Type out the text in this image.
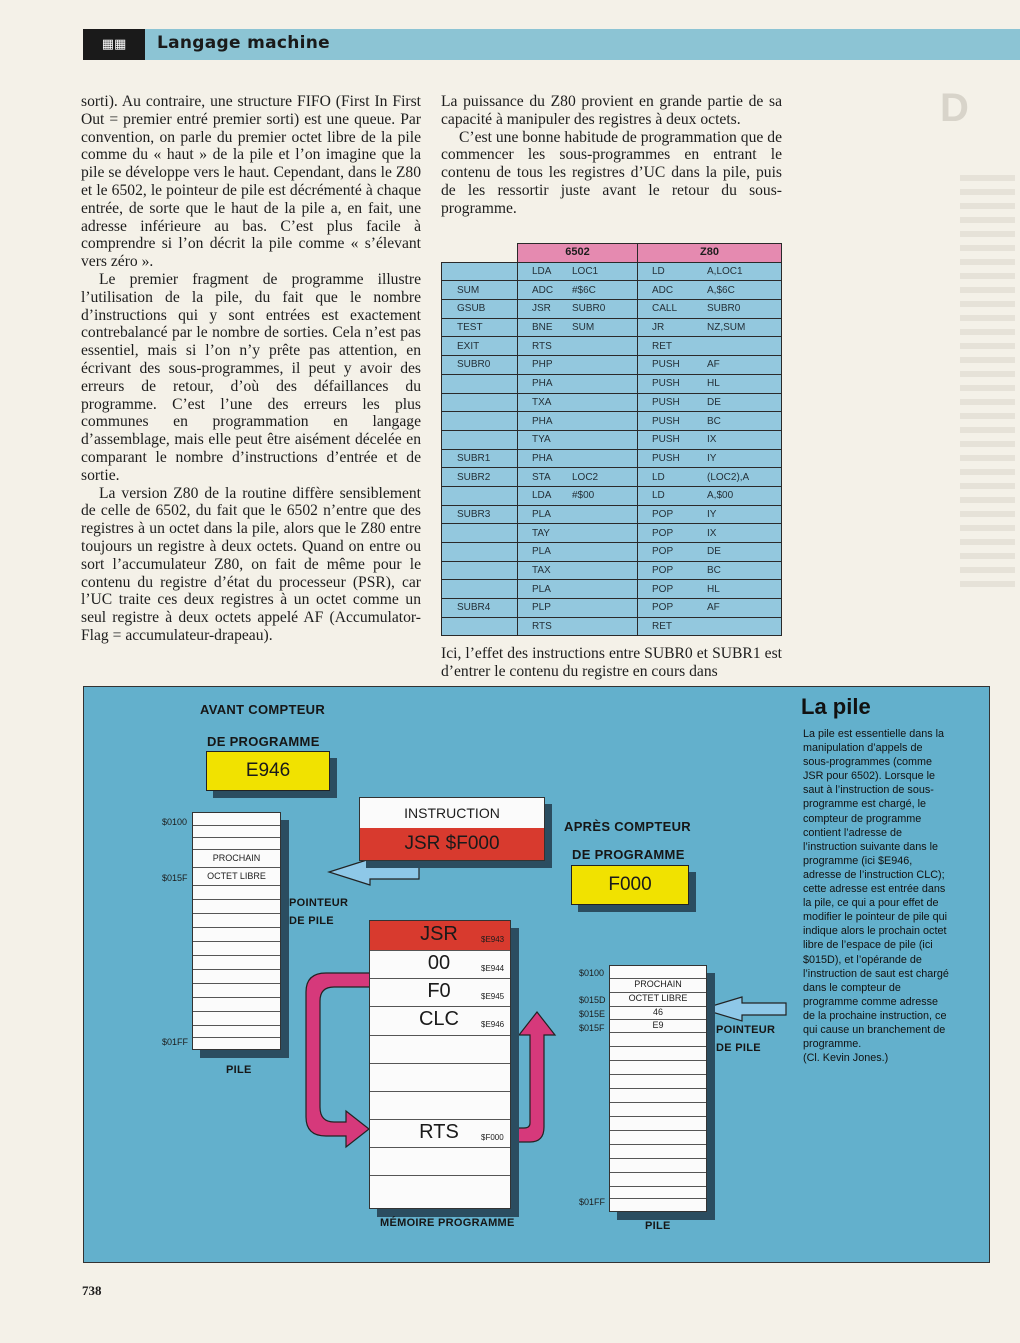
▦▦	Langage machine
D

sorti). Au contraire, une structure FIFO (First In First Out = premier entré premier sorti) est une queue. Par convention, on parle du premier octet libre de la pile comme du « haut » de la pile et l’on imagine que la pile se développe vers le haut. Cependant, dans le Z80 et le 6502, le pointeur de pile est décrémenté à chaque entrée, de sorte que le haut de la pile a, en fait, une adresse inférieure au bas. C’est plus facile à comprendre si l’on décrit la pile comme « s’élevant vers zéro ».

Le premier fragment de programme illustre l’utilisation de la pile, du fait que le nombre d’instructions qui y sont entrées est exactement contrebalancé par le nombre de sorties. Cela n’est pas essentiel, mais si l’on n’y prête pas attention, en écrivant des sous-programmes, il peut y avoir des erreurs de retour, d’où des défaillances du programme. C’est l’une des erreurs les plus communes en programmation en langage d’assemblage, mais elle peut être aisément décelée en comparant le nombre d’instructions d’entrée et de sortie.

La version Z80 de la routine diffère sensiblement de celle de 6502, du fait que le 6502 n’entre que des registres à un octet dans la pile, alors que le Z80 entre toujours un registre à deux octets. Quand on entre ou sort l’accumulateur Z80, on fait de même pour le contenu du registre d’état du processeur (PSR), car l’UC traite ces deux registres à un octet comme un seul registre à deux octets appelé AF (Accumulator-Flag = accumulateur-drapeau).

La puissance du Z80 provient en grande partie de sa capacité à manipuler des registres à deux octets.

C’est une bonne habitude de programmation que de commencer les sous-programmes en entrant le contenu de tous les registres d’UC dans la pile, puis de les ressortir juste avant le retour du sous-programme.

	6502		Z80	
	LDA	LOC1	LD	A,LOC1
SUM	ADC	#$6C	ADC	A,$6C
GSUB	JSR	SUBR0	CALL	SUBR0
TEST	BNE	SUM	JR	NZ,SUM
EXIT	RTS		RET	
SUBR0	PHP		PUSH	AF
	PHA		PUSH	HL
	TXA		PUSH	DE
	PHA		PUSH	BC
	TYA		PUSH	IX
SUBR1	PHA		PUSH	IY
SUBR2	STA	LOC2	LD	(LOC2),A
	LDA	#$00	LD	A,$00
SUBR3	PLA		POP	IY
	TAY		POP	IX
	PLA		POP	DE
	TAX		POP	BC
	PLA		POP	HL
SUBR4	PLP		POP	AF
	RTS		RET	
Ici, l’effet des instructions entre SUBR0 et SUBR1 est d’entrer le contenu du registre en cours dans
AVANT COMPTEUR
DE PROGRAMME
E946
INSTRUCTION
JSR $F000
APRÈS COMPTEUR
DE PROGRAMME
F000
PROCHAIN
OCTET LIBRE
$0100
$015F
$01FF
POINTEUR
DE PILE
PILE
JSR	$E943
00	$E944
F0	$E945
CLC	$E946
RTS	$F000
MÉMOIRE PROGRAMME
PROCHAIN
OCTET LIBRE
46
E9
$0100
$015D
$015E
$015F
$01FF
POINTEUR
DE PILE
PILE
La pile
La pile est essentielle dans la manipulation d’appels de sous-programmes (comme JSR pour 6502). Lorsque le saut à l’instruction de sous-programme est chargé, le compteur de programme contient l’adresse de l’instruction suivante dans le programme (ici $E946, adresse de l’instruction CLC); cette adresse est entrée dans la pile, ce qui a pour effet de modifier le pointeur de pile qui indique alors le prochain octet libre de l’espace de pile (ici $015D), et l’opérande de l’instruction de saut est chargé dans le compteur de programme comme adresse de la prochaine instruction, ce qui cause un branchement de programme.
(Cl. Kevin Jones.)
738
